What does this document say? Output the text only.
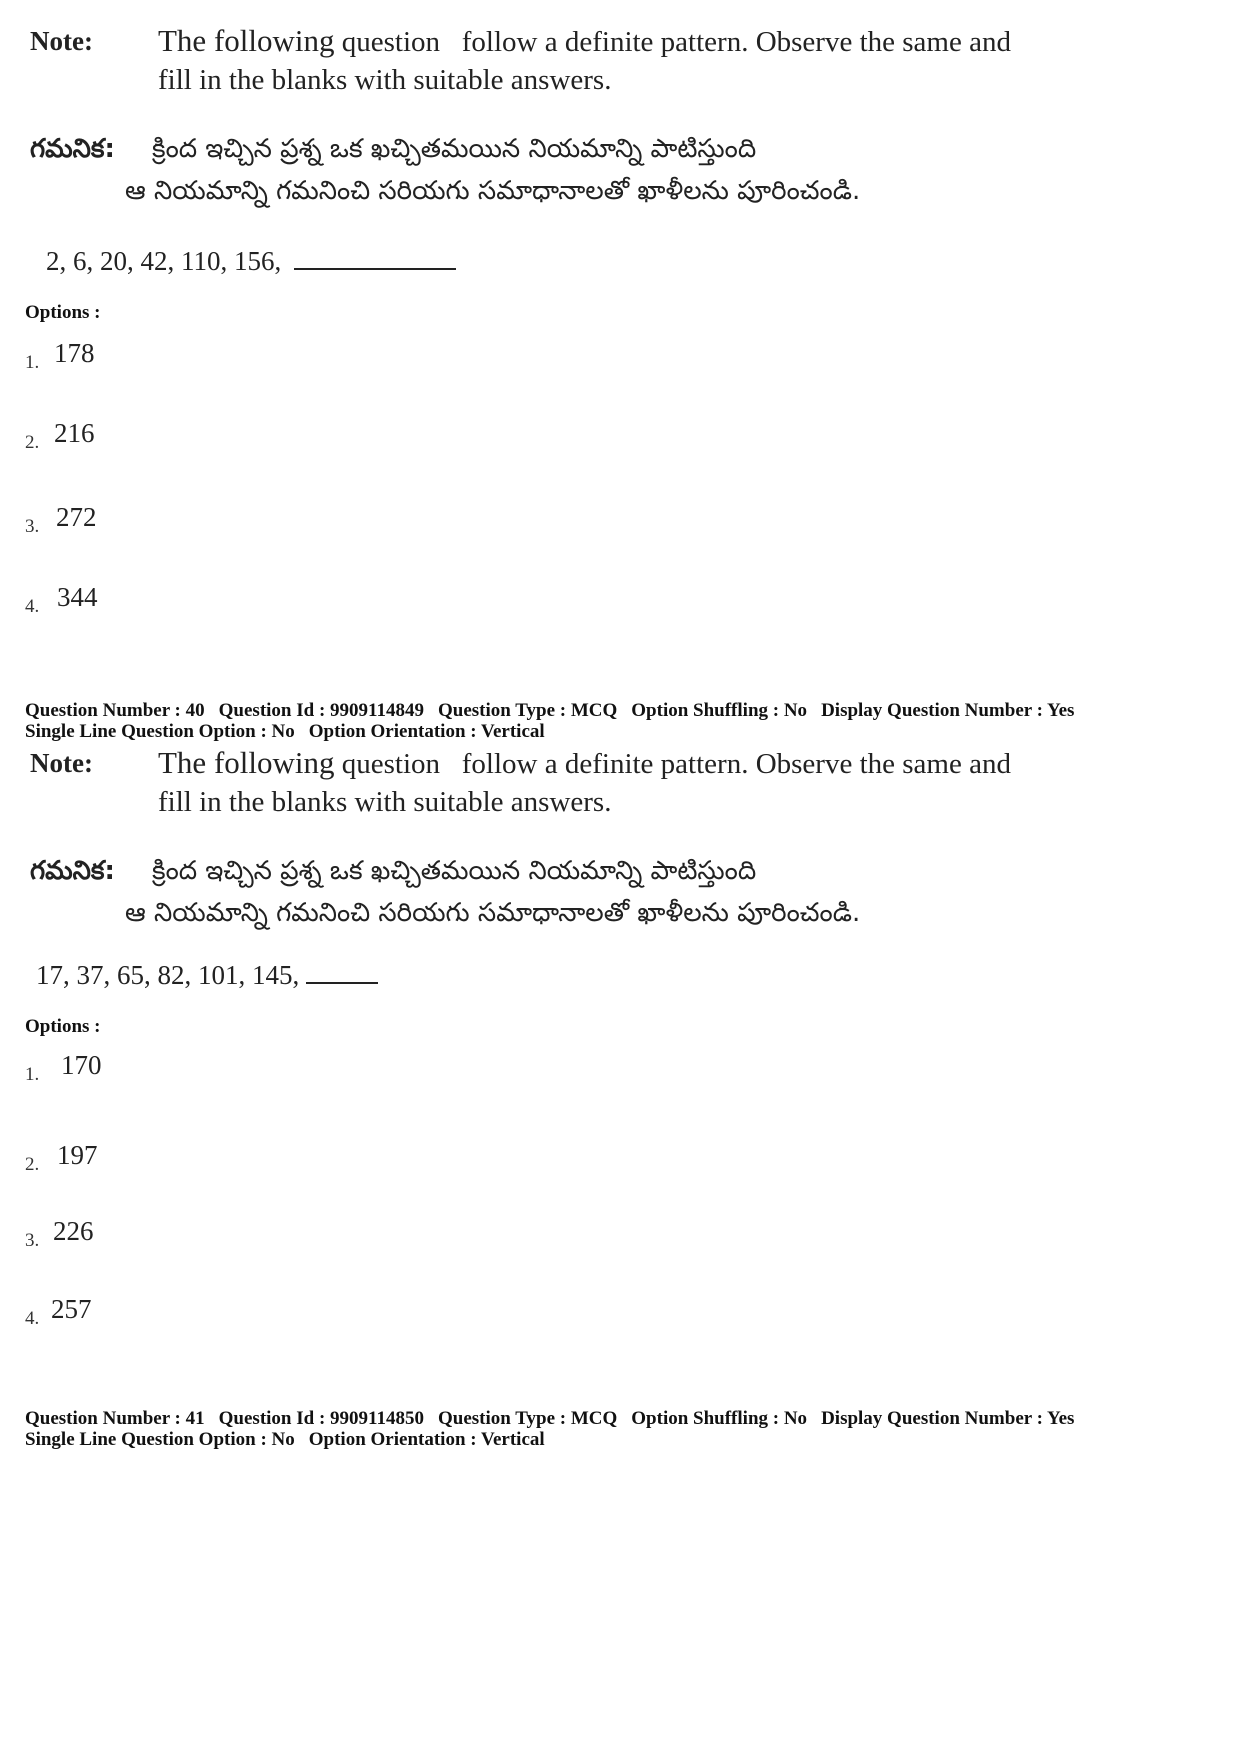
Note: The following question   follow a definite pattern. Observe the same and
fill in the blanks with suitable answers.
గమనిక: క్రింద ఇచ్చిన ప్రశ్న ఒక ఖచ్చితమయిన నియమాన్ని పాటిస్తుంది
ఆ నియమాన్ని గమనించి సరియగు సమాధానాలతో ఖాళీలను పూరించండి.
2, 6, 20, 42, 110, 156,
Options :
1. 178
2. 216
3. 272
4. 344
Question Number : 40 Question Id : 9909114849 Question Type : MCQ Option Shuffling : No Display Question Number : Yes
Single Line Question Option : No Option Orientation : Vertical
Note: The following question   follow a definite pattern. Observe the same and
fill in the blanks with suitable answers.
గమనిక: క్రింద ఇచ్చిన ప్రశ్న ఒక ఖచ్చితమయిన నియమాన్ని పాటిస్తుంది
ఆ నియమాన్ని గమనించి సరియగు సమాధానాలతో ఖాళీలను పూరించండి.
17, 37, 65, 82, 101, 145,
Options :
1. 170
2. 197
3. 226
4. 257
Question Number : 41 Question Id : 9909114850 Question Type : MCQ Option Shuffling : No Display Question Number : Yes
Single Line Question Option : No Option Orientation : Vertical
